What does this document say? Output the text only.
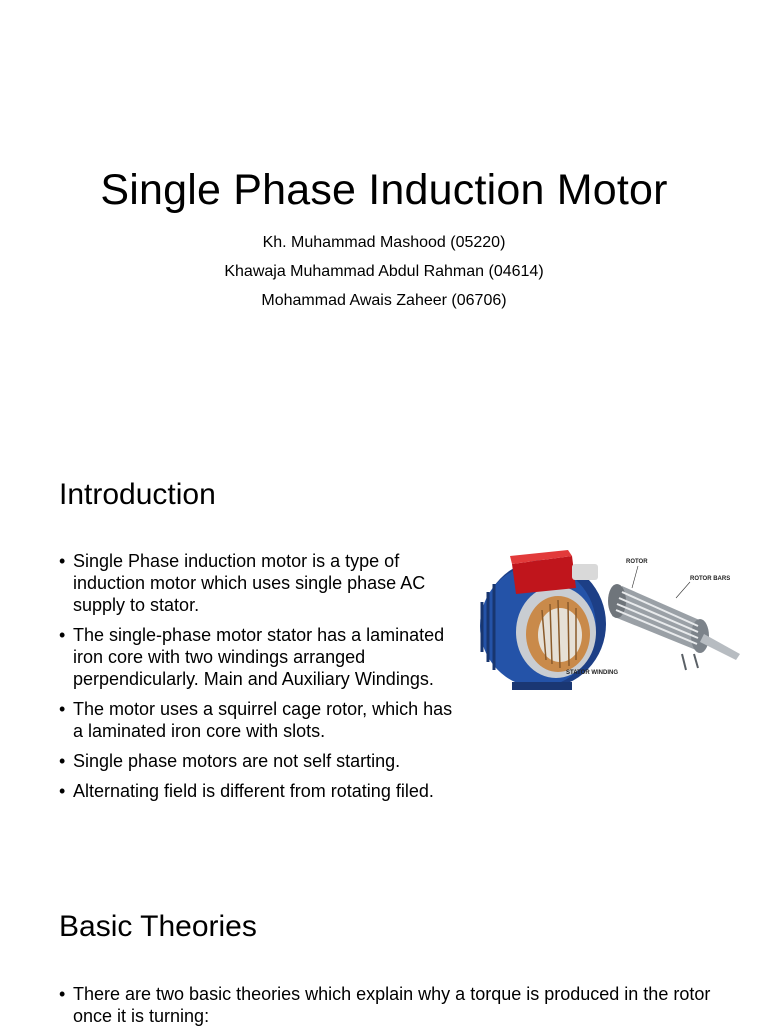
Single Phase Induction Motor
Kh. Muhammad Mashood (05220)
Khawaja Muhammad Abdul Rahman (04614)
Mohammad Awais Zaheer (06706)
Introduction
• Single Phase induction motor is a type of induction motor which uses single phase AC supply to stator.
• The single-phase motor stator has a laminated iron core with two windings arranged perpendicularly. Main and Auxiliary Windings.
• The motor uses a squirrel cage rotor, which has a laminated iron core with slots.
• Single phase motors are not self starting.
• Alternating field is different from rotating filed.
ROTOR
ROTOR BARS
STATOR WINDING
Basic Theories
• There are two basic theories which explain why a torque is produced in the rotor once it is turning:
